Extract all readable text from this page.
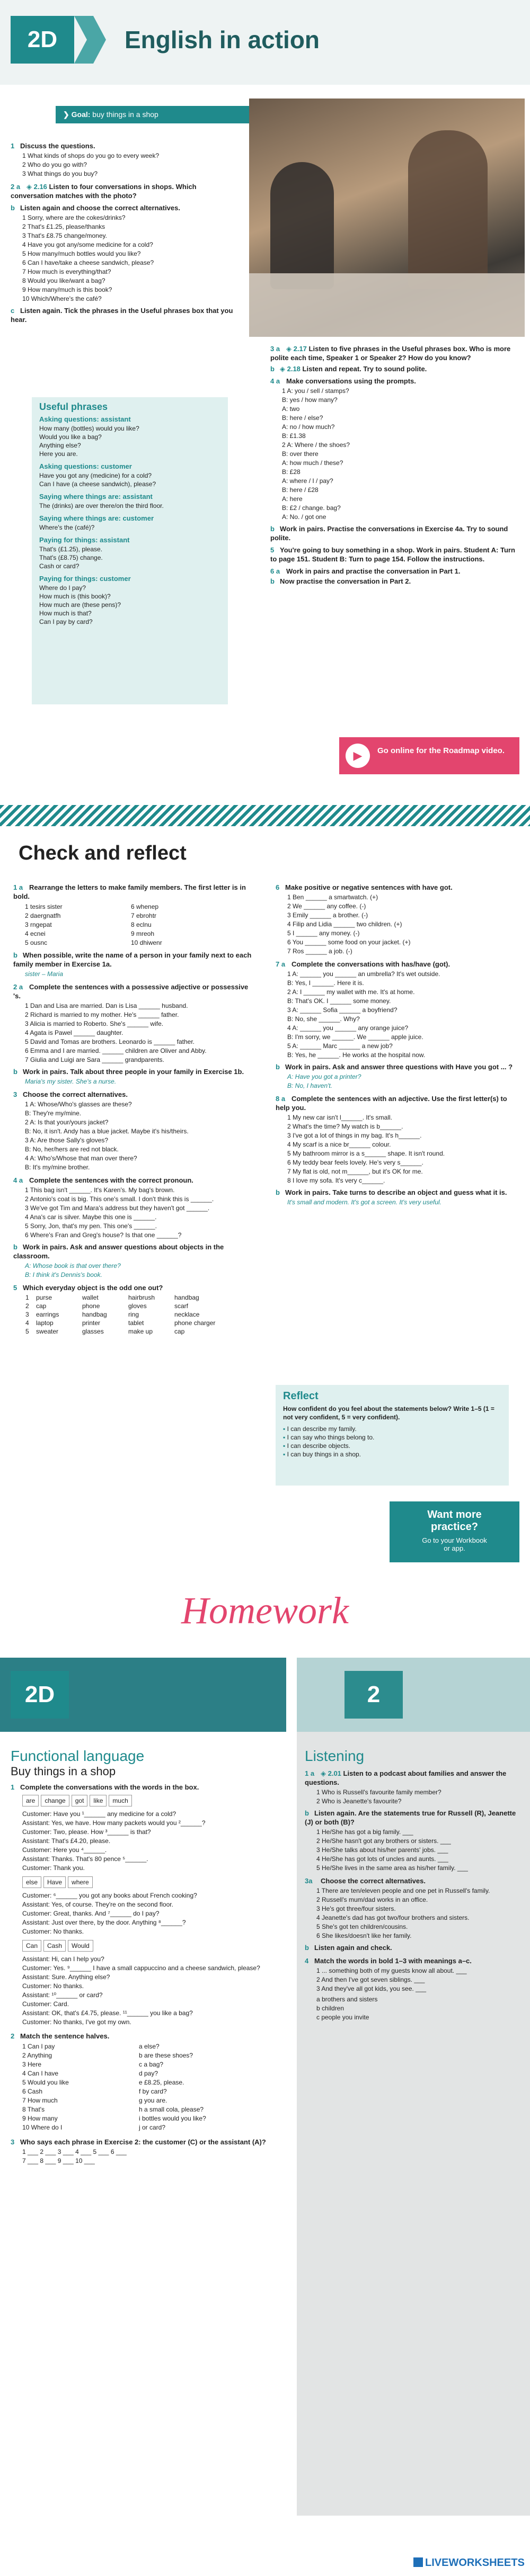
2D	English in action
❯ Goal: buy things in a shop
1 Discuss the questions.
1 What kinds of shops do you go to every week?
2 Who do you go with?
3 What things do you buy?
2 a ◈ 2.16 Listen to four conversations in shops. Which conversation matches with the photo?
b Listen again and choose the correct alternatives.
1 Sorry, where are the cokes/drinks?
2 That's £1.25, please/thanks
3 That's £8.75 change/money.
4 Have you got any/some medicine for a cold?
5 How many/much bottles would you like?
6 Can I have/take a cheese sandwich, please?
7 How much is everything/that?
8 Would you like/want a bag?
9 How many/much is this book?
10 Which/Where's the café?
c Listen again. Tick the phrases in the Useful phrases box that you hear.
Useful phrases
Asking questions: assistant
How many (bottles) would you like?
Would you like a bag?
Anything else?
Here you are.
Asking questions: customer
Have you got any (medicine) for a cold?
Can I have (a cheese sandwich), please?
Saying where things are: assistant
The (drinks) are over there/on the third floor.
Saying where things are: customer
Where's the (café)?
Paying for things: assistant
That's (£1.25), please.
That's (£8.75) change.
Cash or card?
Paying for things: customer
Where do I pay?
How much is (this book)?
How much are (these pens)?
How much is that?
Can I pay by card?
3 a ◈ 2.17 Listen to five phrases in the Useful phrases box. Who is more polite each time, Speaker 1 or Speaker 2? How do you know?
b ◈ 2.18 Listen and repeat. Try to sound polite.
4 a Make conversations using the prompts.
1 A: you / sell / stamps?
B: yes / how many?
A: two
B: here / else?
A: no / how much?
B: £1.38
2 A: Where / the shoes?
B: over there
A: how much / these?
B: £28
A: where / I / pay?
B: here / £28
A: here
B: £2 / change. bag?
A: No. / got one
b Work in pairs. Practise the conversations in Exercise 4a. Try to sound polite.
5 You're going to buy something in a shop. Work in pairs. Student A: Turn to page 151. Student B: Turn to page 154. Follow the instructions.
6 a Work in pairs and practise the conversation in Part 1.
b Now practise the conversation in Part 2.
▶	Go online for the Roadmap video.
Check and reflect
1 a Rearrange the letters to make family members. The first letter is in bold.
1 tesirs sister
2 daergnatfh
3 rngepat
4 ecnei
5 ousnc
6 whenep
7 ebrohtr
8 eclnu
9 mreoh
10 dhiwenr
b When possible, write the name of a person in your family next to each family member in Exercise 1a.
sister – Maria
2 a Complete the sentences with a possessive adjective or possessive 's.
1 Dan and Lisa are married. Dan is Lisa ______ husband.
2 Richard is married to my mother. He's ______ father.
3 Alicia is married to Roberto. She's ______ wife.
4 Agata is Pawel ______ daughter.
5 David and Tomas are brothers. Leonardo is ______ father.
6 Emma and I are married. ______ children are Oliver and Abby.
7 Giulia and Luigi are Sara ______ grandparents.
b Work in pairs. Talk about three people in your family in Exercise 1b.
Maria's my sister. She's a nurse.
3 Choose the correct alternatives.
1 A: Whose/Who's glasses are these?
B: They're my/mine.
2 A: Is that your/yours jacket?
B: No, it isn't. Andy has a blue jacket. Maybe it's his/theirs.
3 A: Are those Sally's gloves?
B: No, her/hers are red not black.
4 A: Who's/Whose that man over there?
B: It's my/mine brother.
4 a Complete the sentences with the correct pronoun.
1 This bag isn't ______. It's Karen's. My bag's brown.
2 Antonio's coat is big. This one's small. I don't think this is ______.
3 We've got Tim and Mara's address but they haven't got ______.
4 Ana's car is silver. Maybe this one is ______.
5 Sorry, Jon, that's my pen. This one's ______.
6 Where's Fran and Greg's house? Is that one ______?
b Work in pairs. Ask and answer questions about objects in the classroom.
A: Whose book is that over there?
B: I think it's Dennis's book.
5 Which everyday object is the odd one out?
1	purse	wallet	hairbrush	handbag
2	cap	phone	gloves	scarf
3	earrings	handbag	ring	necklace
4	laptop	printer	tablet	phone charger
5	sweater	glasses	make up	cap
6 Make positive or negative sentences with have got.
1 Ben ______ a smartwatch. (+)
2 We ______ any coffee. (-)
3 Emily ______ a brother. (-)
4 Filip and Lidia ______ two children. (+)
5 I ______ any money. (-)
6 You ______ some food on your jacket. (+)
7 Ros ______ a job. (-)
7 a Complete the conversations with has/have (got).
1 A: ______ you ______ an umbrella? It's wet outside.
B: Yes, I ______. Here it is.
2 A: I ______ my wallet with me. It's at home.
B: That's OK. I ______ some money.
3 A: ______ Sofia ______ a boyfriend?
B: No, she ______. Why?
4 A: ______ you ______ any orange juice?
B: I'm sorry, we ______. We ______ apple juice.
5 A: ______ Marc ______ a new job?
B: Yes, he ______. He works at the hospital now.
b Work in pairs. Ask and answer three questions with Have you got ... ?
A: Have you got a printer?
B: No, I haven't.
8 a Complete the sentences with an adjective. Use the first letter(s) to help you.
1 My new car isn't l______. It's small.
2 What's the time? My watch is b______.
3 I've got a lot of things in my bag. It's h______.
4 My scarf is a nice br______ colour.
5 My bathroom mirror is a s______ shape. It isn't round.
6 My teddy bear feels lovely. He's very s______.
7 My flat is old, not m______, but it's OK for me.
8 I love my sofa. It's very c______.
b Work in pairs. Take turns to describe an object and guess what it is.
It's small and modern. It's got a screen. It's very useful.
Reflect
How confident do you feel about the statements below? Write 1–5 (1 = not very confident, 5 = very confident).
▪ I can describe my family.
▪ I can say who things belong to.
▪ I can describe objects.
▪ I can buy things in a shop.
Want more
practice?
Go to your Workbook
or app.
Homework
2D	2
Functional language
Buy things in a shop
1 Complete the conversations with the words in the box.
are change got like much
Customer: Have you ¹______ any medicine for a cold?
Assistant: Yes, we have. How many packets would you ²______?
Customer: Two, please. How ³______ is that?
Assistant: That's £4.20, please.
Customer: Here you ⁴______.
Assistant: Thanks. That's 80 pence ⁵______.
Customer: Thank you.
else Have where
Customer: ⁶______ you got any books about French cooking?
Assistant: Yes, of course. They're on the second floor.
Customer: Great, thanks. And ⁷______ do I pay?
Assistant: Just over there, by the door. Anything ⁸______?
Customer: No thanks.
Can Cash Would
Assistant: Hi, can I help you?
Customer: Yes. ⁹______ I have a small cappuccino and a cheese sandwich, please?
Assistant: Sure. Anything else?
Customer: No thanks.
Assistant: ¹⁰______ or card?
Customer: Card.
Assistant: OK, that's £4.75, please. ¹¹______ you like a bag?
Customer: No thanks, I've got my own.
2 Match the sentence halves.
1 Can I pay
2 Anything
3 Here
4 Can I have
5 Would you like
6 Cash
7 How much
8 That's
9 How many
10 Where do I
a else?
b are these shoes?
c a bag?
d pay?
e £8.25, please.
f by card?
g you are.
h a small cola, please?
i bottles would you like?
j or card?
3 Who says each phrase in Exercise 2: the customer (C) or the assistant (A)?
1 ___ 2 ___ 3 ___ 4 ___ 5 ___ 6 ___
7 ___ 8 ___ 9 ___ 10 ___
Listening
1 a ◈ 2.01 Listen to a podcast about families and answer the questions.
1 Who is Russell's favourite family member?
2 Who is Jeanette's favourite?
b Listen again. Are the statements true for Russell (R), Jeanette (J) or both (B)?
1 He/She has got a big family. ___
2 He/She hasn't got any brothers or sisters. ___
3 He/She talks about his/her parents' jobs. ___
4 He/She has got lots of uncles and aunts. ___
5 He/She lives in the same area as his/her family. ___
3a Choose the correct alternatives.
1 There are ten/eleven people and one pet in Russell's family.
2 Russell's mum/dad works in an office.
3 He's got three/four sisters.
4 Jeanette's dad has got two/four brothers and sisters.
5 She's got ten children/cousins.
6 She likes/doesn't like her family.
b Listen again and check.
4 Match the words in bold 1–3 with meanings a–c.
1 ... something both of my guests know all about. ___
2 And then I've got seven siblings. ___
3 And they've all got kids, you see. ___
a brothers and sisters
b children
c people you invite
LIVEWORKSHEETS
